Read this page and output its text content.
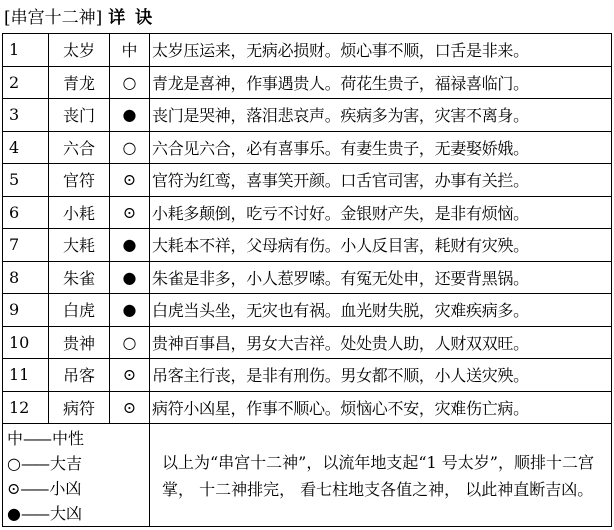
[串宫十二神] 详 诀
1	太岁	中	太岁压运来，无病必损财。烦心事不顺，口舌是非来。
2	青龙	○	青龙是喜神，作事遇贵人。荷花生贵子，福禄喜临门。
3	丧门	●	丧门是哭神，落泪悲哀声。疾病多为害，灾害不离身。
4	六合	○	六合见六合，必有喜事乐。有妻生贵子，无妻娶娇娥。
5	官符	⊙	官符为红鸾，喜事笑开颜。口舌官司害，办事有关拦。
6	小耗	⊙	小耗多颠倒，吃亏不讨好。金银财产失，是非有烦恼。
7	大耗	●	大耗本不祥，父母病有伤。小人反目害，耗财有灾殃。
8	朱雀	●	朱雀是非多，小人惹罗嗦。有冤无处申，还要背黑锅。
9	白虎	●	白虎当头坐，无灾也有祸。血光财失脱，灾难疾病多。
10	贵神	○	贵神百事昌，男女大吉祥。处处贵人助，人财双双旺。
11	吊客	⊙	吊客主行丧，是非有刑伤。男女都不顺，小人送灾殃。
12	病符	⊙	病符小凶星，作事不顺心。烦恼心不安，灾难伤亡病。

中—— 中性
○—— 大吉
⊙—— 小凶
●—— 大凶			以上为“串宫十二神”，以流年地支起“1 号太岁”，顺排十二宫掌， 十二神排完， 看七柱地支各值之神， 以此神直断吉凶。
